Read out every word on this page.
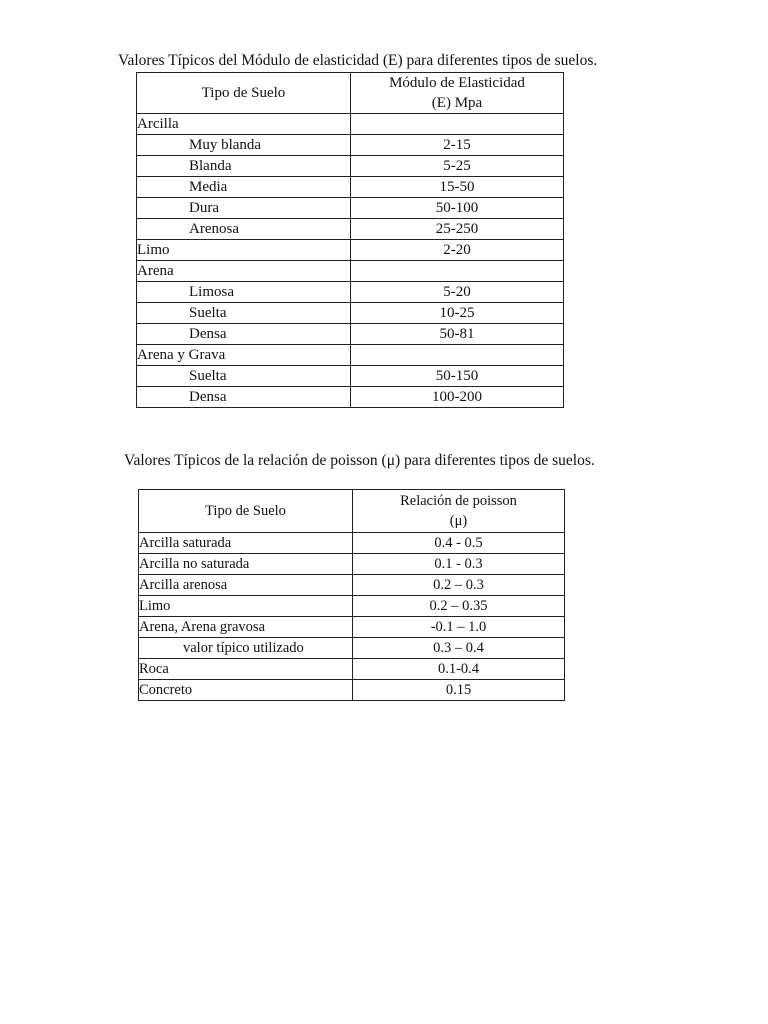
Valores Típicos del Módulo de elasticidad (E) para diferentes tipos de suelos.
Tipo de Suelo	Módulo de Elasticidad
(E) Mpa

Arcilla	
Muy blanda	2-15
Blanda	5-25
Media	15-50
Dura	50-100
Arenosa	25-250
Limo	2-20
Arena	
Limosa	5-20
Suelta	10-25
Densa	50-81
Arena y Grava	
Suelta	50-150
Densa	100-200
Valores Típicos de la relación de poisson (μ) para diferentes tipos de suelos.
Tipo de Suelo	Relación de poisson
(μ)

Arcilla saturada	0.4 - 0.5
Arcilla no saturada	0.1 - 0.3
Arcilla arenosa	0.2 – 0.3
Limo	0.2 – 0.35
Arena, Arena gravosa	-0.1 – 1.0
valor típico utilizado	0.3 – 0.4
Roca	0.1-0.4
Concreto	0.15
